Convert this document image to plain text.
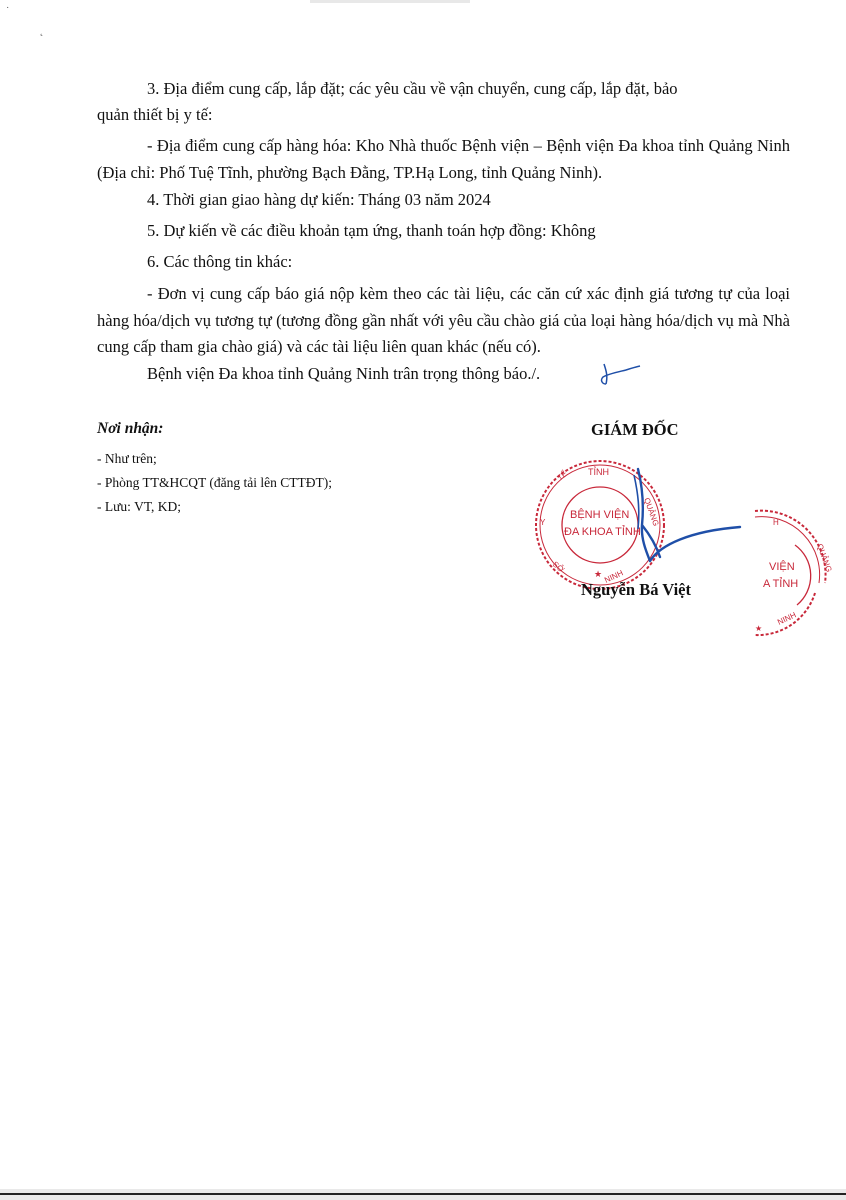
˙
˛

3. Địa điểm cung cấp, lắp đặt; các yêu cầu về vận chuyển, cung cấp, lắp đặt, bảo

quản thiết bị y tế:

- Địa điểm cung cấp hàng hóa: Kho Nhà thuốc Bệnh viện – Bệnh viện Đa khoa tỉnh Quảng Ninh (Địa chỉ: Phố Tuệ Tĩnh, phường Bạch Đằng, TP.Hạ Long, tỉnh Quảng Ninh).

4. Thời gian giao hàng dự kiến: Tháng 03 năm 2024

5. Dự kiến về các điều khoản tạm ứng, thanh toán hợp đồng: Không

6. Các thông tin khác:

- Đơn vị cung cấp báo giá nộp kèm theo các tài liệu, các căn cứ xác định giá tương tự của loại hàng hóa/dịch vụ tương tự (tương đồng gần nhất với yêu cầu chào giá của loại hàng hóa/dịch vụ mà Nhà cung cấp tham gia chào giá) và các tài liệu liên quan khác (nếu có).

Bệnh viện Đa khoa tỉnh Quảng Ninh trân trọng thông báo./.

Nơi nhận:

- Như trên;

- Phòng TT&HCQT (đăng tải lên CTTĐT);

- Lưu: VT, KD;

GIÁM ĐỐC

TỈNH
QUẢNG
NINH
SỞ
Y
TẾ
★
BỆNH VIỆN
ĐA KHOA TỈNH

Nguyễn Bá Việt

H
QUẢNG
NINH
VIỆN
A TỈNH
★
